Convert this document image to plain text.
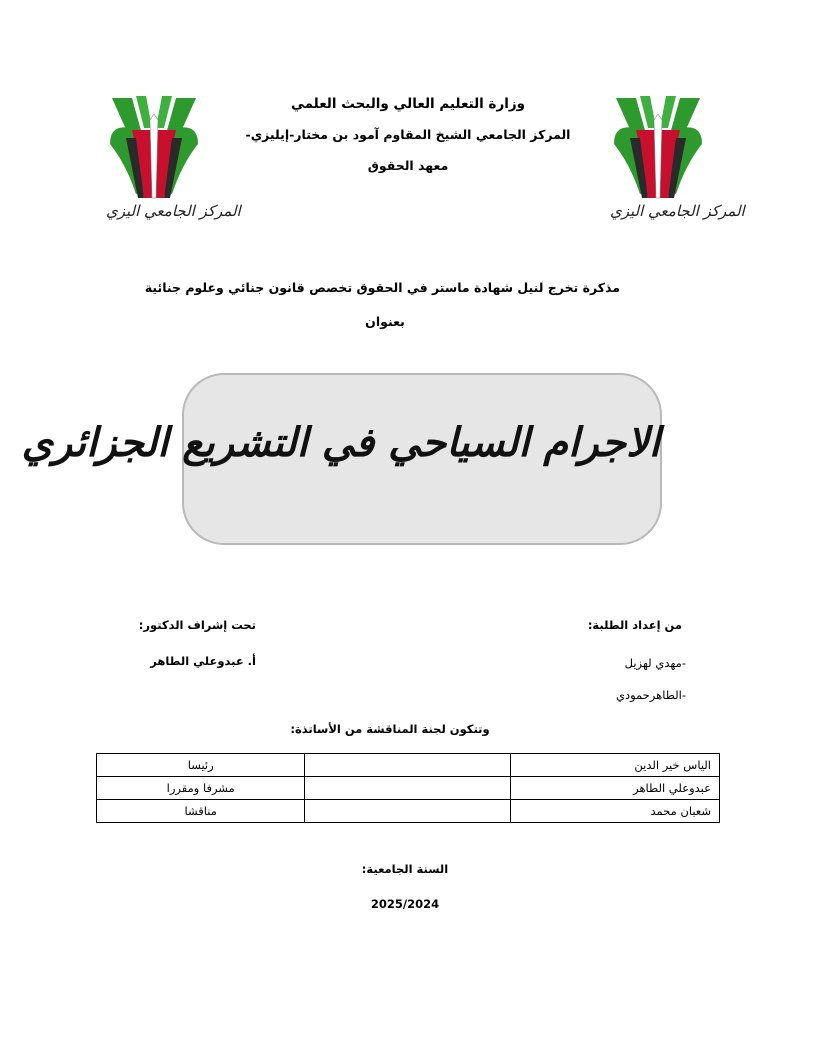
المركز الجامعي اليزي	المركز الجامعي اليزي
وزارة التعليم العالي والبحث العلمي
المركز الجامعي الشيخ المقاوم آمود بن مختار-إيليزي-
معهد الحقوق
مذكرة تخرج لنيل شهادة ماستر في الحقوق تخصص قانون جنائي وعلوم جنائية
بعنوان
الاجرام السياحي في التشريع الجزائري
من إعداد الطلبة:
تحت إشراف الدكتور:
-مهدي لهزيل
-الطاهرحمودي
أ. عبدوعلي الطاهر
وتتكون لجنة المناقشة من الأساتذة:
الياس خير الدين		رئيسا
عبدوعلي الطاهر		مشرفا ومقررا
شعبان محمد		مناقشا
السنة الجامعية:
2025/2024
